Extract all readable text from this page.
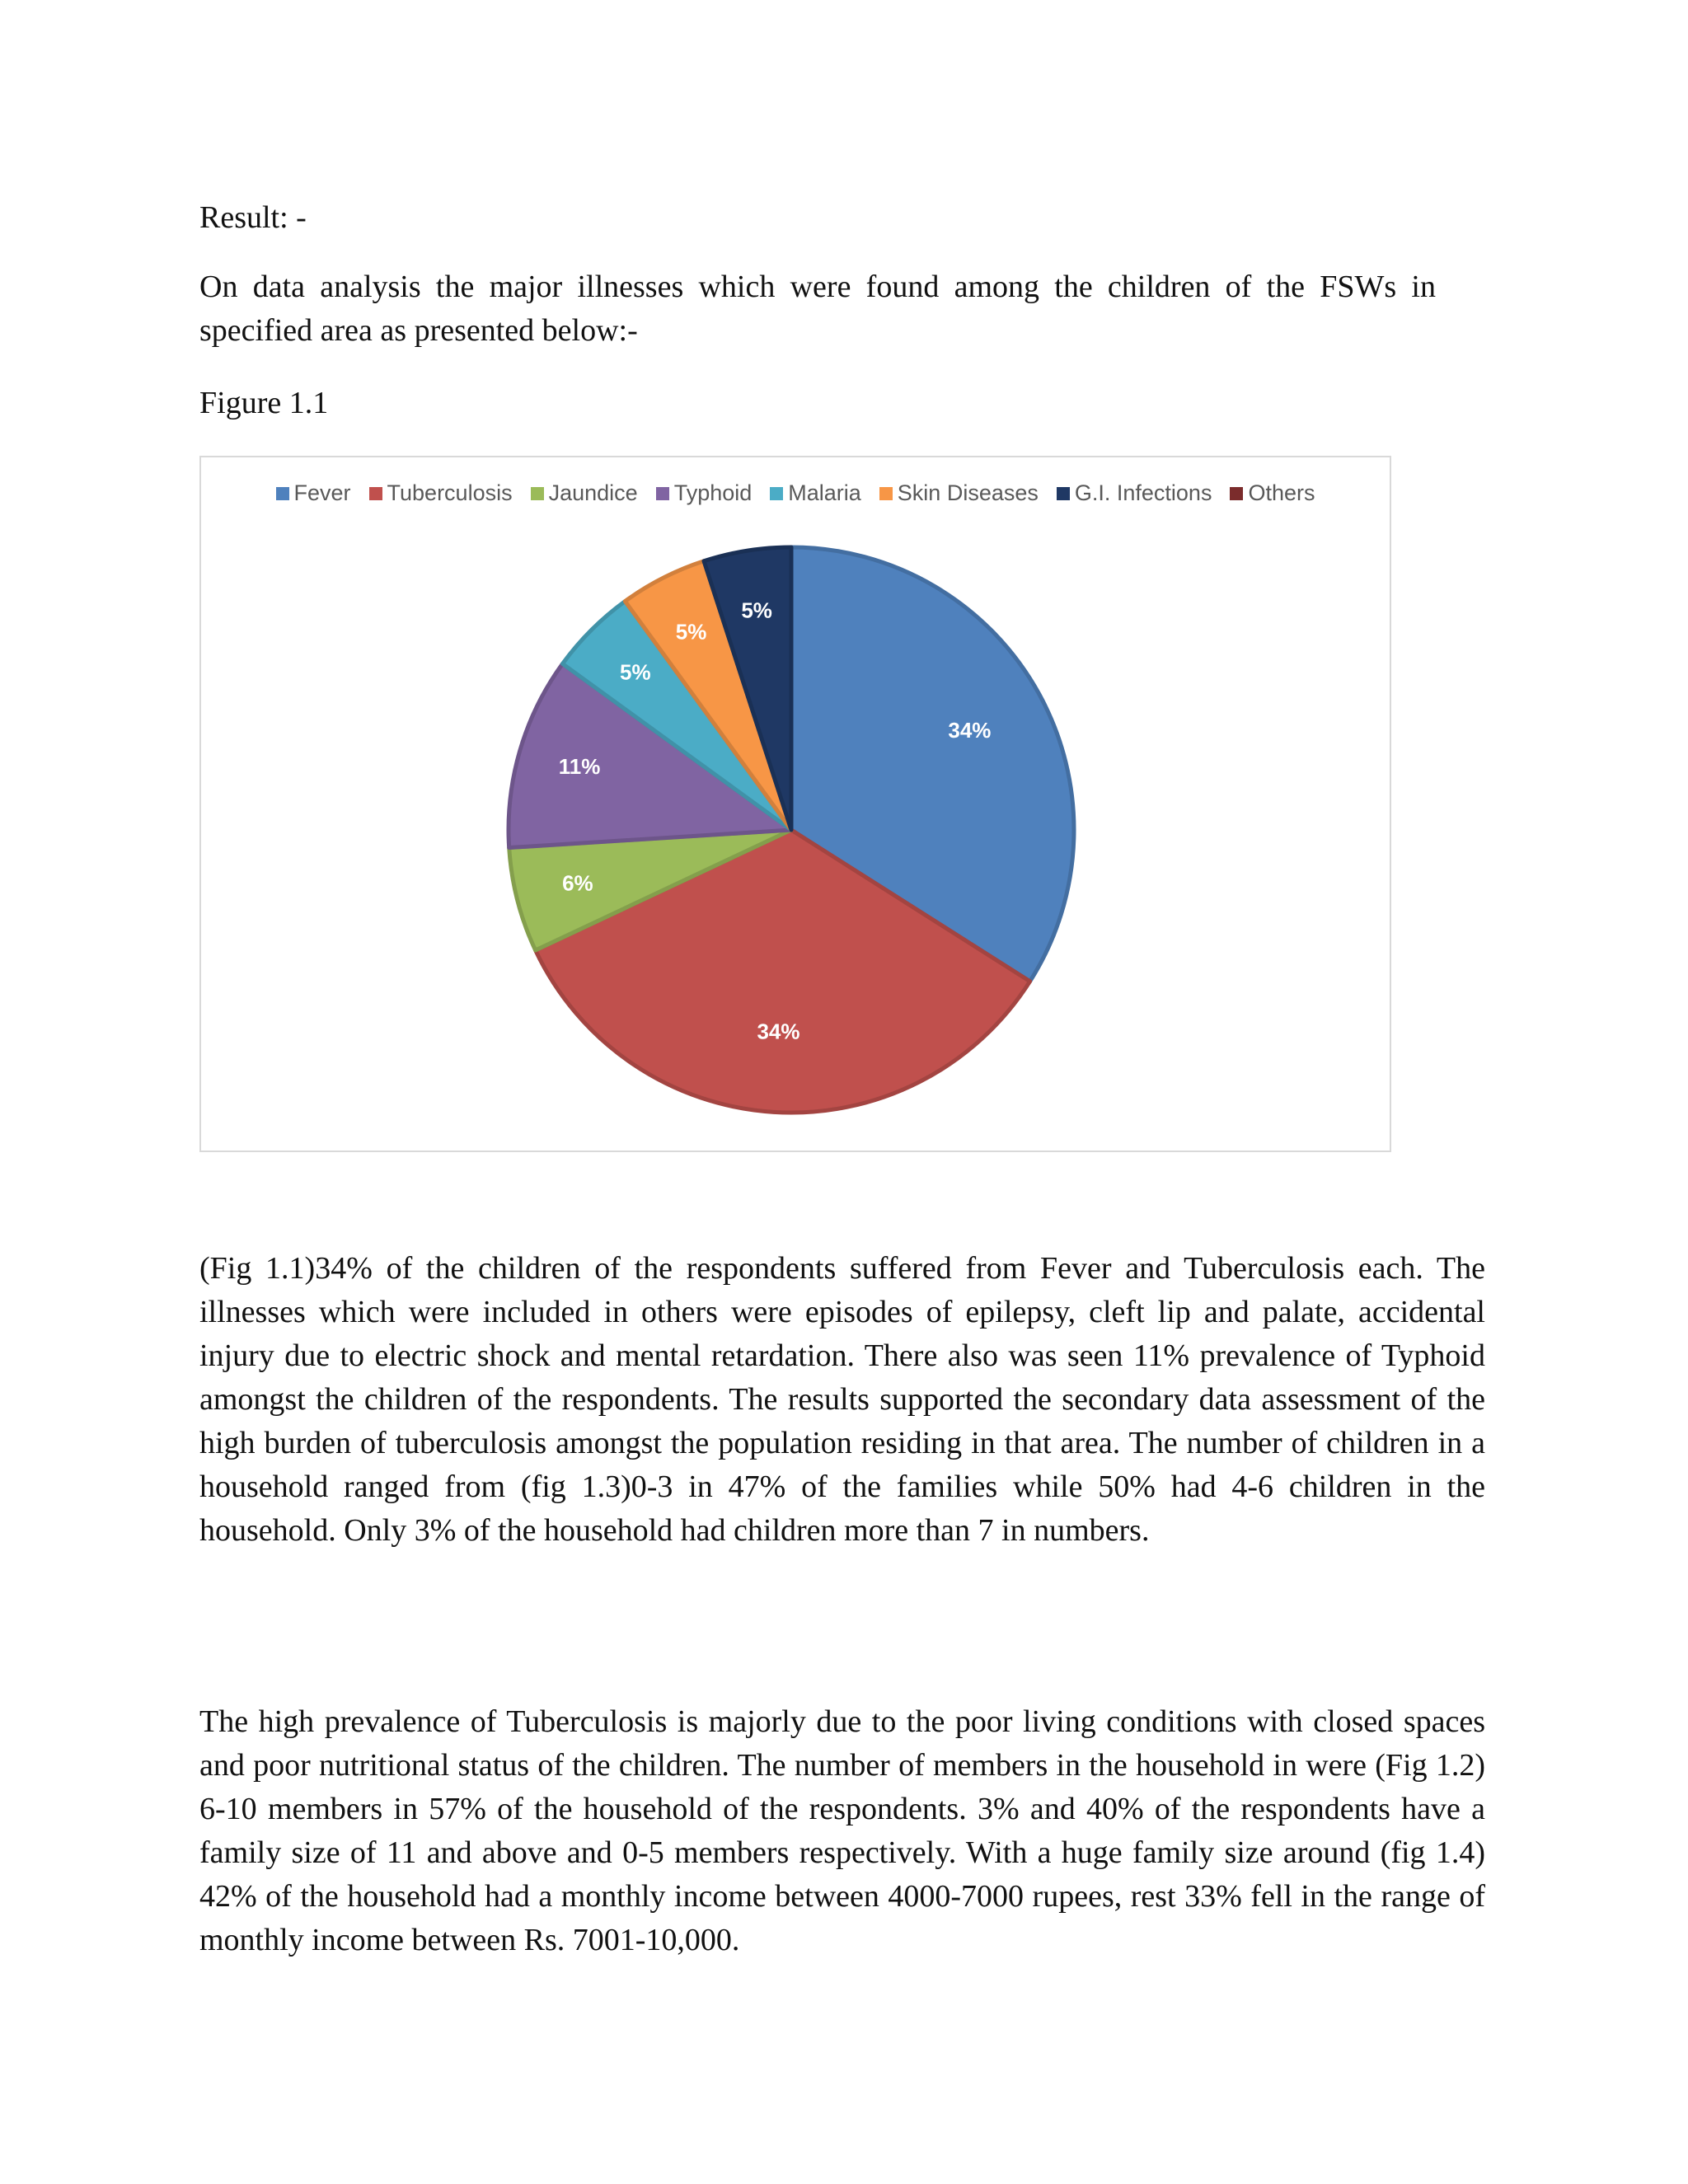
Result: -

On data analysis the major illnesses which were found among the children of the FSWs in specified area as presented below:-

Figure 1.1

Fever Tuberculosis Jaundice Typhoid Malaria Skin Diseases G.I. Infections Others
34%
34%
6%
11%
5%
5%
5%

(Fig 1.1)34% of the children of the respondents suffered from Fever and Tuberculosis each. The illnesses which were included in others were episodes of epilepsy, cleft lip and palate, accidental injury due to electric shock and mental retardation. There also was seen 11% prevalence of Typhoid amongst the children of the respondents. The results supported the secondary data assessment of the high burden of tuberculosis amongst the population residing in that area. The number of children in a household ranged from (fig 1.3)0-3 in 47% of the families while 50% had 4-6 children in the household. Only 3% of the household had children more than 7 in numbers.

The high prevalence of Tuberculosis is majorly due to the poor living conditions with closed spaces and poor nutritional status of the children. The number of members in the household in were (Fig 1.2) 6-10 members in 57% of the household of the respondents. 3% and 40% of the respondents have a family size of 11 and above and 0-5 members respectively. With a huge family size around (fig 1.4) 42% of the household had a monthly income between 4000-7000 rupees, rest 33% fell in the range of monthly income between Rs. 7001-10,000.
